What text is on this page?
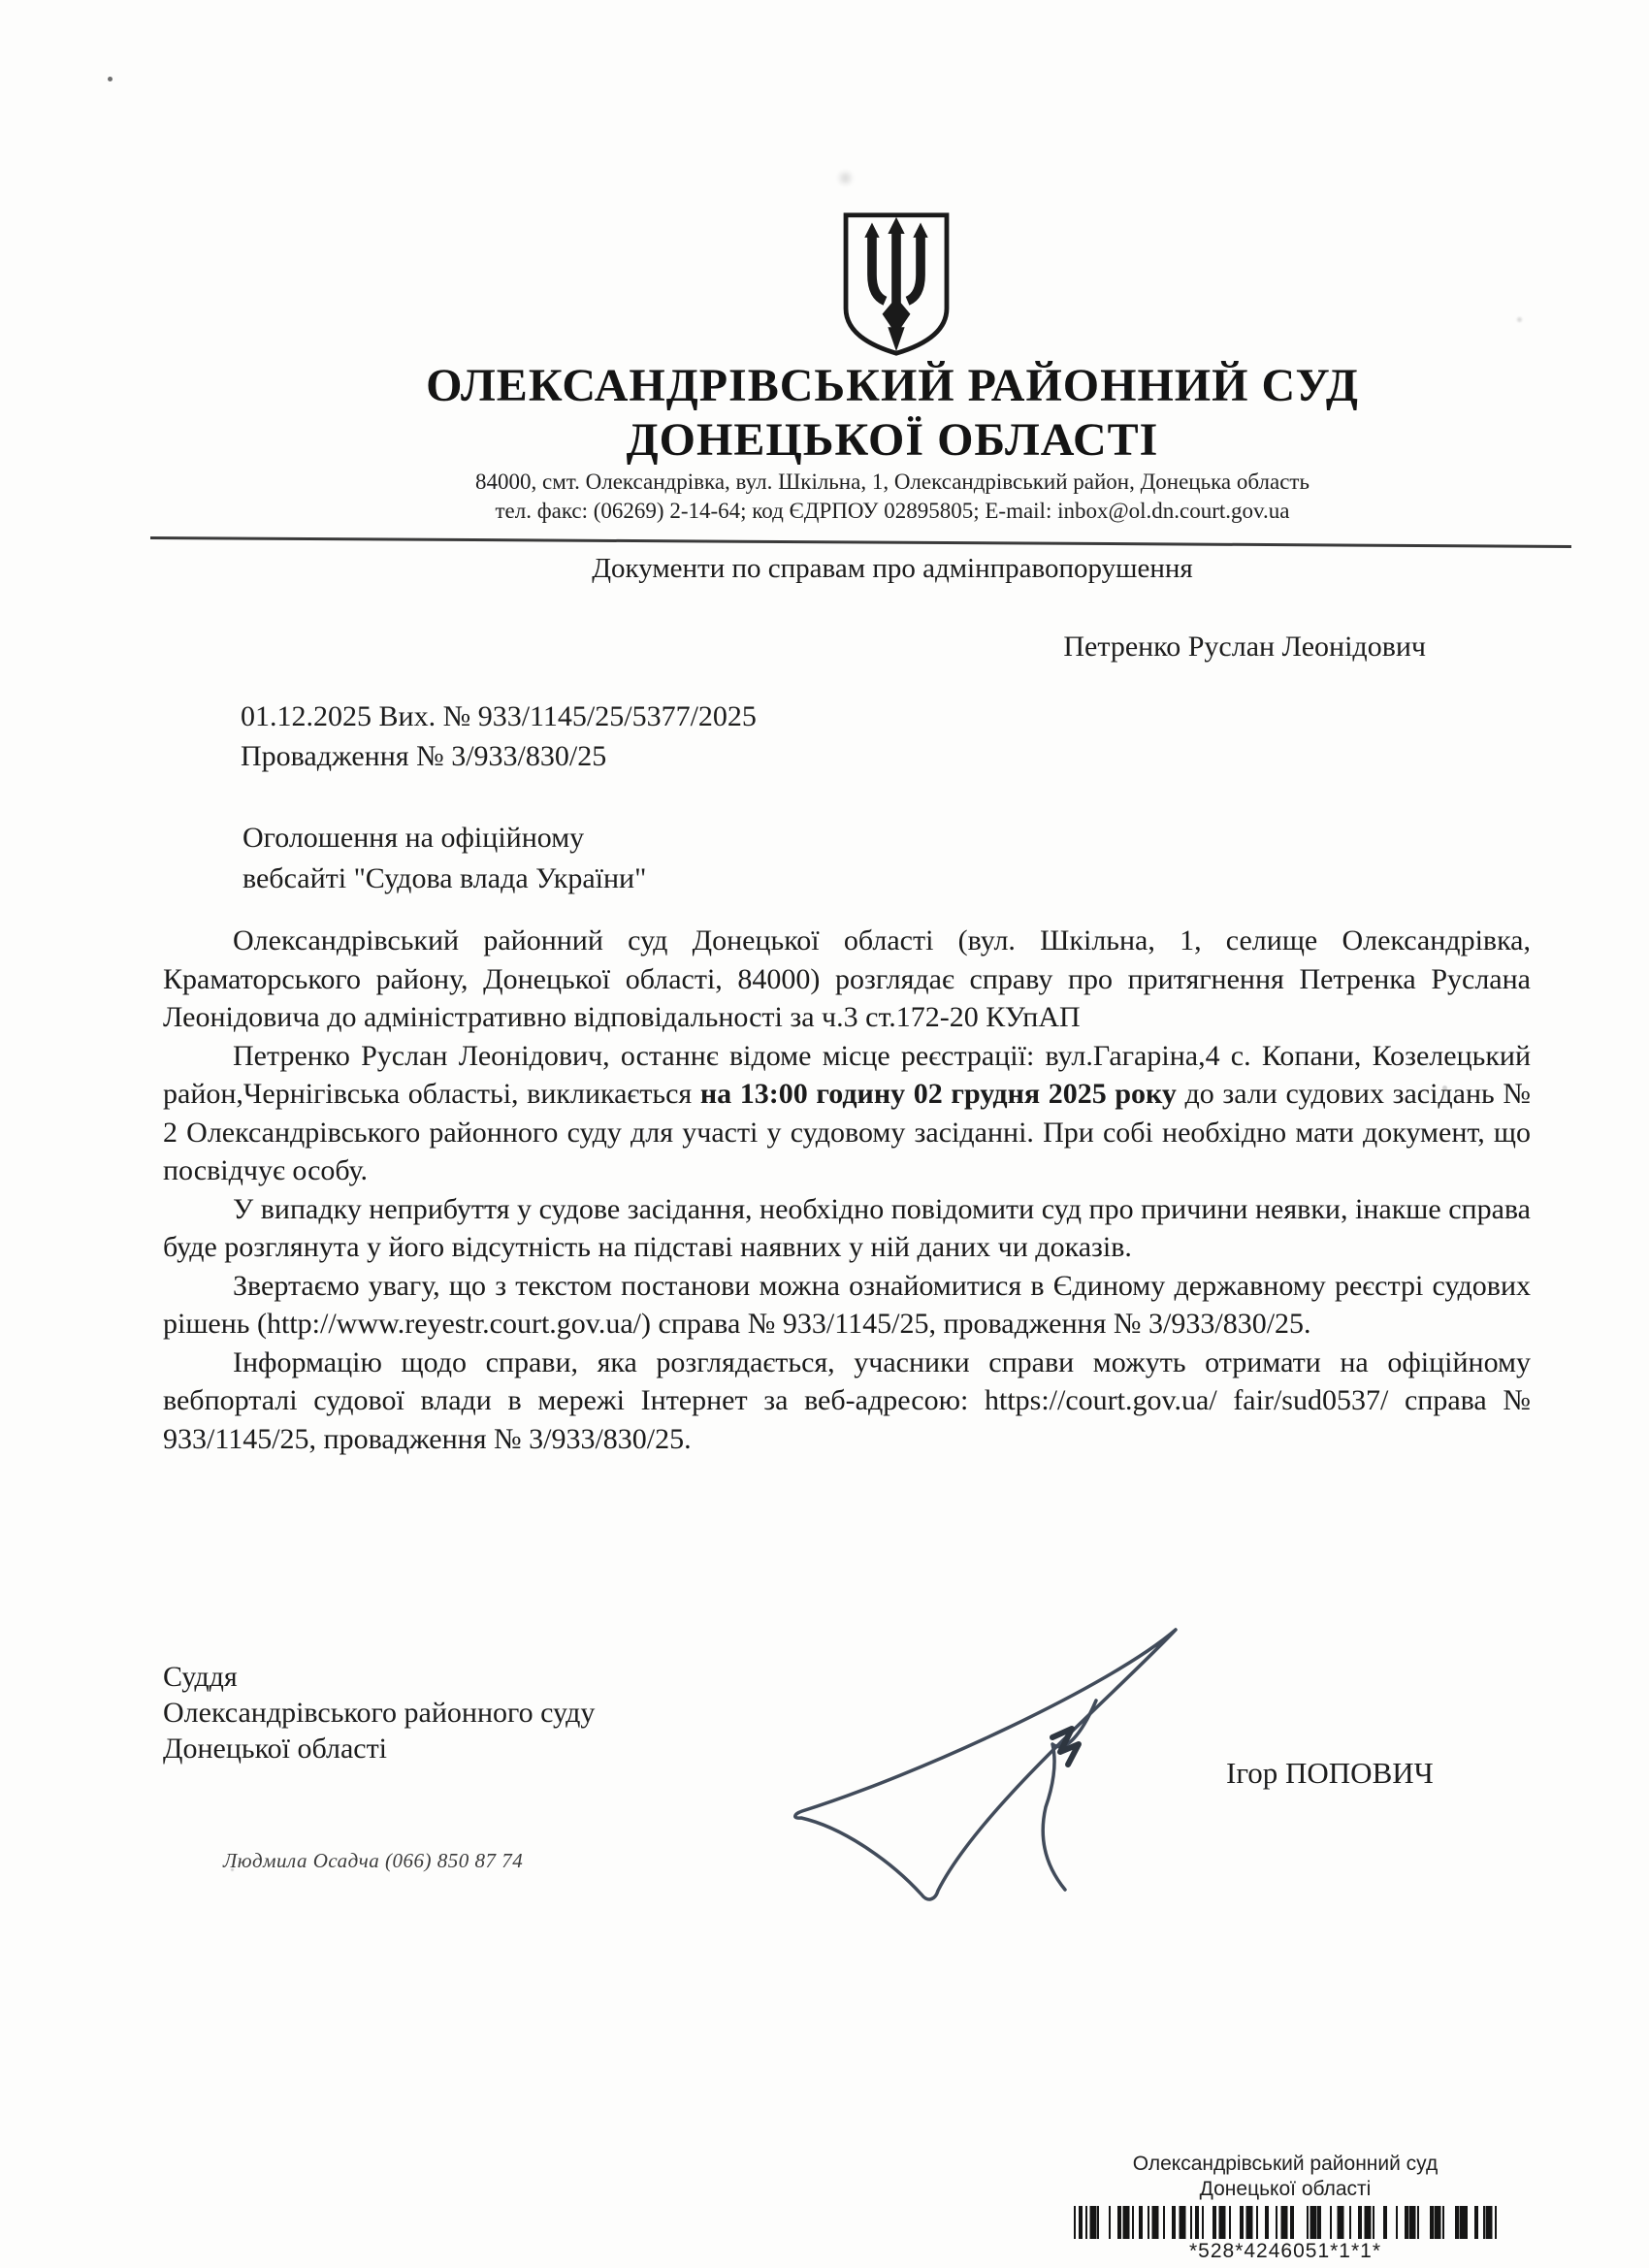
ОЛЕКСАНДРІВСЬКИЙ РАЙОННИЙ СУД
ДОНЕЦЬКОЇ ОБЛАСТІ
84000, смт. Олександрівка, вул. Шкільна, 1, Олександрівський район, Донецька область
тел. факс: (06269) 2-14-64; код ЄДРПОУ 02895805; E-mail: inbox@ol.dn.court.gov.ua
Документи по справам про адмінправопорушення
Петренко Руслан Леонідович
01.12.2025 Вих. № 933/1145/25/5377/2025
Провадження № 3/933/830/25
Оголошення на офіційному
вебсайті "Судова влада України"

Олександрівський районний суд Донецької області (вул. Шкільна, 1, селище Олександрівка, Краматорського району, Донецької області, 84000) розглядає справу про притягнення Петренка Руслана Леонідовича до адміністративно відповідальності за ч.3 ст.172-20 КУпАП

Петренко Руслан Леонідович, останнє відоме місце реєстрації: вул.Гагаріна,4 с. Копани, Козелецький район,Чернігівська областьі, викликається на 13:00 годину 02 грудня 2025 року до зали судових засідань № 2 Олександрівського районного суду для участі у судовому засіданні. При собі необхідно мати документ, що посвідчує особу.

У випадку неприбуття у судове засідання, необхідно повідомити суд про причини неявки, інакше справа буде розглянута у його відсутність на підставі наявних у ній даних чи доказів.

Звертаємо увагу, що з текстом постанови можна ознайомитися в Єдиному державному реєстрі судових рішень (http://www.reyestr.court.gov.ua/) справа № 933/1145/25, провадження № 3/933/830/25.

Інформацію щодо справи, яка розглядається, учасники справи можуть отримати на офіційному вебпорталі судової влади в мережі Інтернет за веб-адресою: https://court.gov.ua/ fair/sud0537/ справа № 933/1145/25, провадження № 3/933/830/25.

Суддя
Олександрівського районного суду
Донецької області
Ігор ПОПОВИЧ
Людмила Осадча (066) 850 87 74
Олександрівський районний суд
Донецької області
*528*4246051*1*1*
